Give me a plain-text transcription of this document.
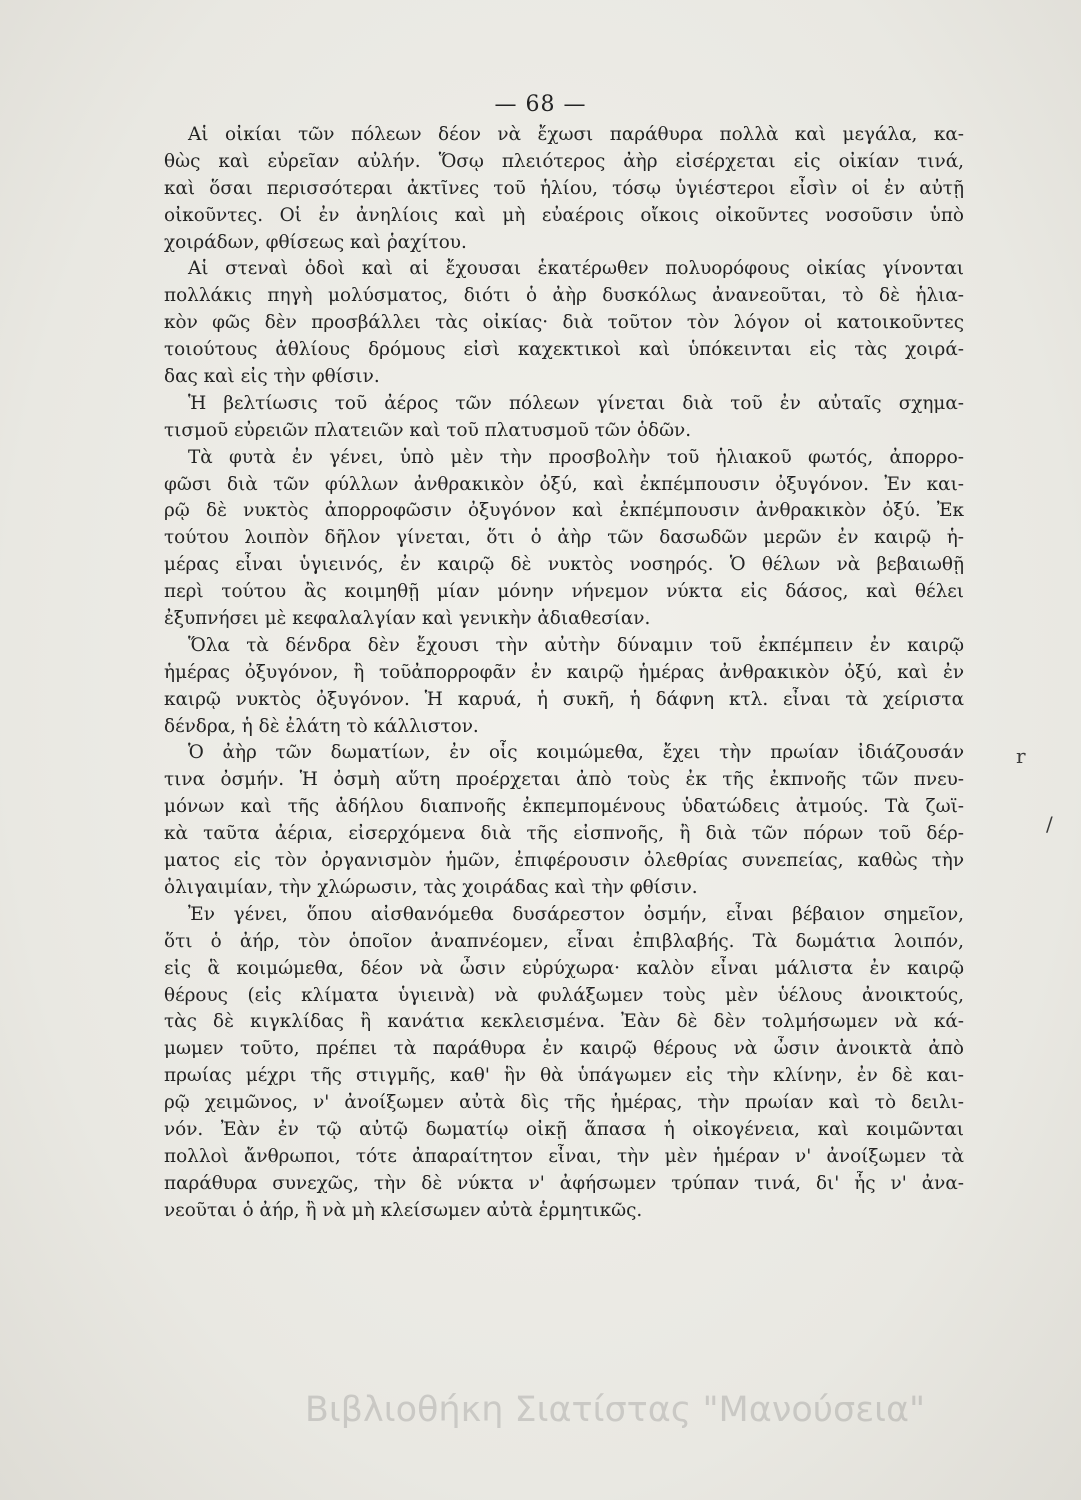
— 68 —
Αἱ οἰκίαι τῶν πόλεων δέον νὰ ἔχωσι παράθυρα πολλὰ καὶ μεγάλα, κα-
θὼς καὶ εὐρεῖαν αὐλήν. Ὅσῳ πλειότερος ἀὴρ εἰσέρχεται εἰς οἰκίαν τινά,
καὶ ὅσαι περισσότεραι ἀκτῖνες τοῦ ἡλίου, τόσῳ ὑγιέστεροι εἶσὶν οἱ ἐν αὐτῇ
οἰκοῦντες. Οἱ ἐν ἀνηλίοις καὶ μὴ εὐαέροις οἴκοις οἰκοῦντες νοσοῦσιν ὑπὸ
χοιράδων, φθίσεως καὶ ῥαχίτου.
Αἱ στεναὶ ὁδοὶ καὶ αἱ ἔχουσαι ἑκατέρωθεν πολυορόφους οἰκίας γίνονται
πολλάκις πηγὴ μολύσματος, διότι ὁ ἀὴρ δυσκόλως ἀνανεοῦται, τὸ δὲ ἡλια-
κὸν φῶς δὲν προσβάλλει τὰς οἰκίας· διὰ τοῦτον τὸν λόγον οἱ κατοικοῦντες
τοιούτους ἀθλίους δρόμους εἰσὶ καχεκτικοὶ καὶ ὑπόκεινται εἰς τὰς χοιρά-
δας καὶ εἰς τὴν φθίσιν.
Ἡ βελτίωσις τοῦ ἀέρος τῶν πόλεων γίνεται διὰ τοῦ ἐν αὐταῖς σχημα-
τισμοῦ εὐρειῶν πλατειῶν καὶ τοῦ πλατυσμοῦ τῶν ὁδῶν.
Τὰ φυτὰ ἐν γένει, ὑπὸ μὲν τὴν προσβολὴν τοῦ ἡλιακοῦ φωτός, ἀπορρο-
φῶσι διὰ τῶν φύλλων ἀνθρακικὸν ὀξύ, καὶ ἐκπέμπουσιν ὀξυγόνον. Ἐν και-
ρῷ δὲ νυκτὸς ἀπορροφῶσιν ὀξυγόνον καὶ ἐκπέμπουσιν ἀνθρακικὸν ὀξύ. Ἐκ
τούτου λοιπὸν δῆλον γίνεται, ὅτι ὁ ἀὴρ τῶν δασωδῶν μερῶν ἐν καιρῷ ἡ-
μέρας εἶναι ὑγιεινός, ἐν καιρῷ δὲ νυκτὸς νοσηρός. Ὁ θέλων νὰ βεβαιωθῇ
περὶ τούτου ἂς κοιμηθῇ μίαν μόνην νήνεμον νύκτα εἰς δάσος, καὶ θέλει
ἐξυπνήσει μὲ κεφαλαλγίαν καὶ γενικὴν ἀδιαθεσίαν.
Ὅλα τὰ δένδρα δὲν ἔχουσι τὴν αὐτὴν δύναμιν τοῦ ἐκπέμπειν ἐν καιρῷ
ἡμέρας ὀξυγόνον, ἢ τοῦἀπορροφᾶν ἐν καιρῷ ἡμέρας ἀνθρακικὸν ὀξύ, καὶ ἐν
καιρῷ νυκτὸς ὀξυγόνον. Ἡ καρυά, ἡ συκῆ, ἡ δάφνη κτλ. εἶναι τὰ χείριστα
δένδρα, ἡ δὲ ἐλάτη τὸ κάλλιστον.
Ὁ ἀὴρ τῶν δωματίων, ἐν οἷς κοιμώμεθα, ἔχει τὴν πρωίαν ἰδιάζουσάν
τινα ὀσμήν. Ἡ ὀσμὴ αὕτη προέρχεται ἀπὸ τοὺς ἐκ τῆς ἐκπνοῆς τῶν πνευ-
μόνων καὶ τῆς ἀδήλου διαπνοῆς ἐκπεμπομένους ὑδατώδεις ἀτμούς. Τὰ ζωϊ-
κὰ ταῦτα ἀέρια, εἰσερχόμενα διὰ τῆς εἰσπνοῆς, ἢ διὰ τῶν πόρων τοῦ δέρ-
ματος εἰς τὸν ὀργανισμὸν ἡμῶν, ἐπιφέρουσιν ὀλεθρίας συνεπείας, καθὼς τὴν
ὀλιγαιμίαν, τὴν χλώρωσιν, τὰς χοιράδας καὶ τὴν φθίσιν.
Ἐν γένει, ὅπου αἰσθανόμεθα δυσάρεστον ὀσμήν, εἶναι βέβαιον σημεῖον,
ὅτι ὁ ἀήρ, τὸν ὁποῖον ἀναπνέομεν, εἶναι ἐπιβλαβής. Τὰ δωμάτια λοιπόν,
εἰς ἃ κοιμώμεθα, δέον νὰ ὦσιν εὐρύχωρα· καλὸν εἶναι μάλιστα ἐν καιρῷ
θέρους (εἰς κλίματα ὑγιεινὰ) νὰ φυλάξωμεν τοὺς μὲν ὑέλους ἀνοικτούς,
τὰς δὲ κιγκλίδας ἢ κανάτια κεκλεισμένα. Ἐὰν δὲ δὲν τολμήσωμεν νὰ κά-
μωμεν τοῦτο, πρέπει τὰ παράθυρα ἐν καιρῷ θέρους νὰ ὦσιν ἀνοικτὰ ἀπὸ
πρωίας μέχρι τῆς στιγμῆς, καθ' ἣν θὰ ὑπάγωμεν εἰς τὴν κλίνην, ἐν δὲ και-
ρῷ χειμῶνος, ν' ἀνοίξωμεν αὐτὰ δὶς τῆς ἡμέρας, τὴν πρωίαν καὶ τὸ δειλι-
νόν. Ἐὰν ἐν τῷ αὐτῷ δωματίῳ οἰκῇ ἅπασα ἡ οἰκογένεια, καὶ κοιμῶνται
πολλοὶ ἄνθρωποι, τότε ἀπαραίτητον εἶναι, τὴν μὲν ἡμέραν ν' ἀνοίξωμεν τὰ
παράθυρα συνεχῶς, τὴν δὲ νύκτα ν' ἀφήσωμεν τρύπαν τινά, δι' ἧς ν' ἀνα-
νεοῦται ὁ ἀήρ, ἢ νὰ μὴ κλείσωμεν αὐτὰ ἑρμητικῶς.
r
/
Βιβλιοθήκη Σιατίστας "Μανούσεια"
